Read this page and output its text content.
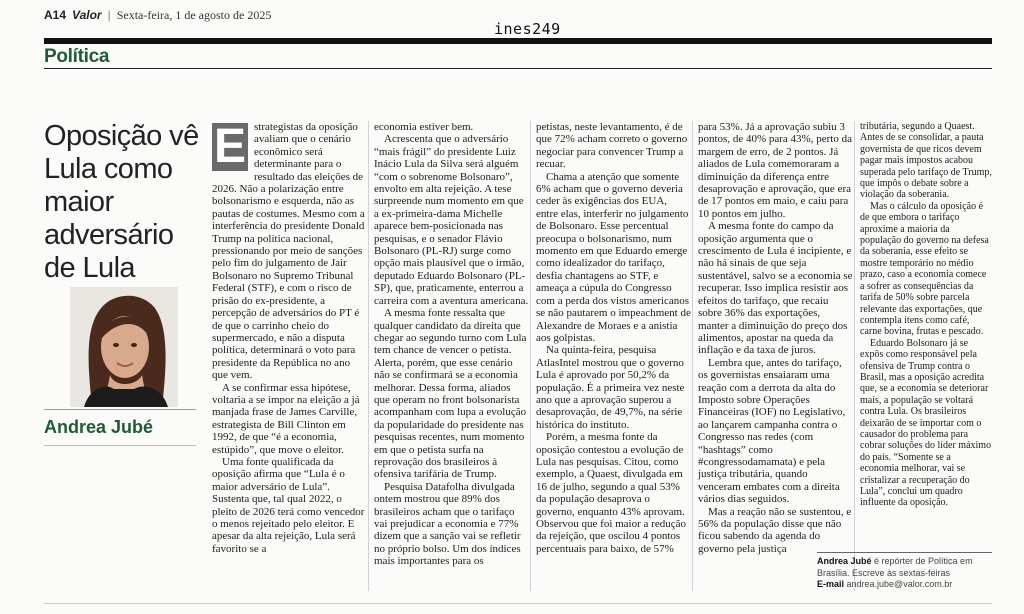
A14 Valor | Sexta-feira, 1 de agosto de 2025
ines249
Política
Oposição vê Lula como maior adversário de Lula
Andrea Jubé
E strategistas da oposição avaliam que o cenário econômico será determinante para o resultado das eleições de 2026. Não a polarização entre bolsonarismo e esquerda, não as pautas de costumes. Mesmo com a interferência do presidente Donald Trump na política nacional, pressionando por meio de sanções pelo fim do julgamento de Jair Bolsonaro no Supremo Tribunal Federal (STF), e com o risco de prisão do ex-presidente, a percepção de adversários do PT é de que o carrinho cheio do supermercado, e não a disputa política, determinará o voto para presidente da República no ano que vem.

A se confirmar essa hipótese, voltaria a se impor na eleição a já manjada frase de James Carville, estrategista de Bill Clinton em 1992, de que “é a economia, estúpido”, que move o eleitor.

Uma fonte qualificada da oposição afirma que “Lula é o maior adversário de Lula”. Sustenta que, tal qual 2022, o pleito de 2026 terá como vencedor o menos rejeitado pelo eleitor. E apesar da alta rejeição, Lula será favorito se a

economia estiver bem.

Acrescenta que o adversário “mais frágil” do presidente Luiz Inácio Lula da Silva será alguém “com o sobrenome Bolsonaro”, envolto em alta rejeição. A tese surpreende num momento em que a ex-primeira-dama Michelle aparece bem-posicionada nas pesquisas, e o senador Flávio Bolsonaro (PL-RJ) surge como opção mais plausível que o irmão, deputado Eduardo Bolsonaro (PL-SP), que, praticamente, enterrou a carreira com a aventura americana.

A mesma fonte ressalta que qualquer candidato da direita que chegar ao segundo turno com Lula tem chance de vencer o petista. Alerta, porém, que esse cenário não se confirmará se a economia melhorar. Dessa forma, aliados que operam no front bolsonarista acompanham com lupa a evolução da popularidade do presidente nas pesquisas recentes, num momento em que o petista surfa na reprovação dos brasileiros à ofensiva tarifária de Trump.

Pesquisa Datafolha divulgada ontem mostrou que 89% dos brasileiros acham que o tarifaço vai prejudicar a economia e 77% dizem que a sanção vai se refletir no próprio bolso. Um dos índices mais importantes para os

petistas, neste levantamento, é de que 72% acham correto o governo negociar para convencer Trump a recuar.

Chama a atenção que somente 6% acham que o governo deveria ceder às exigências dos EUA, entre elas, interferir no julgamento de Bolsonaro. Esse percentual preocupa o bolsonarismo, num momento em que Eduardo emerge como idealizador do tarifaço, desfia chantagens ao STF, e ameaça a cúpula do Congresso com a perda dos vistos americanos se não pautarem o impeachment de Alexandre de Moraes e a anistia aos golpistas.

Na quinta-feira, pesquisa AtlasIntel mostrou que o governo Lula é aprovado por 50,2% da população. É a primeira vez neste ano que a aprovação superou a desaprovação, de 49,7%, na série histórica do instituto.

Porém, a mesma fonte da oposição contestou a evolução de Lula nas pesquisas. Citou, como exemplo, a Quaest, divulgada em 16 de julho, segundo a qual 53% da população desaprova o governo, enquanto 43% aprovam. Observou que foi maior a redução da rejeição, que oscilou 4 pontos percentuais para baixo, de 57%

para 53%. Já a aprovação subiu 3 pontos, de 40% para 43%, perto da margem de erro, de 2 pontos. Já aliados de Lula comemoraram a diminuição da diferença entre desaprovação e aprovação, que era de 17 pontos em maio, e caiu para 10 pontos em julho.

A mesma fonte do campo da oposição argumenta que o crescimento de Lula é incipiente, e não há sinais de que seja sustentável, salvo se a economia se recuperar. Isso implica resistir aos efeitos do tarifaço, que recaiu sobre 36% das exportações, manter a diminuição do preço dos alimentos, apostar na queda da inflação e da taxa de juros.

Lembra que, antes do tarifaço, os governistas ensaiaram uma reação com a derrota da alta do Imposto sobre Operações Financeiras (IOF) no Legislativo, ao lançarem campanha contra o Congresso nas redes (com “hashtags” como #congressodamamata) e pela justiça tributária, quando venceram embates com a direita vários dias seguidos.

Mas a reação não se sustentou, e 56% da população disse que não ficou sabendo da agenda do governo pela justiça

tributária, segundo a Quaest. Antes de se consolidar, a pauta governista de que ricos devem pagar mais impostos acabou superada pelo tarifaço de Trump, que impôs o debate sobre a violação da soberania.

Mas o cálculo da oposição é de que embora o tarifaço aproxime a maioria da população do governo na defesa da soberania, esse efeito se mostre temporário no médio prazo, caso a economia comece a sofrer as consequências da tarifa de 50% sobre parcela relevante das exportações, que contempla itens como café, carne bovina, frutas e pescado.

Eduardo Bolsonaro já se expôs como responsável pela ofensiva de Trump contra o Brasil, mas a oposição acredita que, se a economia se deteriorar mais, a população se voltará contra Lula. Os brasileiros deixarão de se importar com o causador do problema para cobrar soluções do líder máximo do país. “Somente se a economia melhorar, vai se cristalizar a recuperação do Lula”, conclui um quadro influente da oposição.

Andrea Jubé é repórter de Política em Brasília. Escreve às sextas-feiras
E-mail andrea.jube@valor.com.br
